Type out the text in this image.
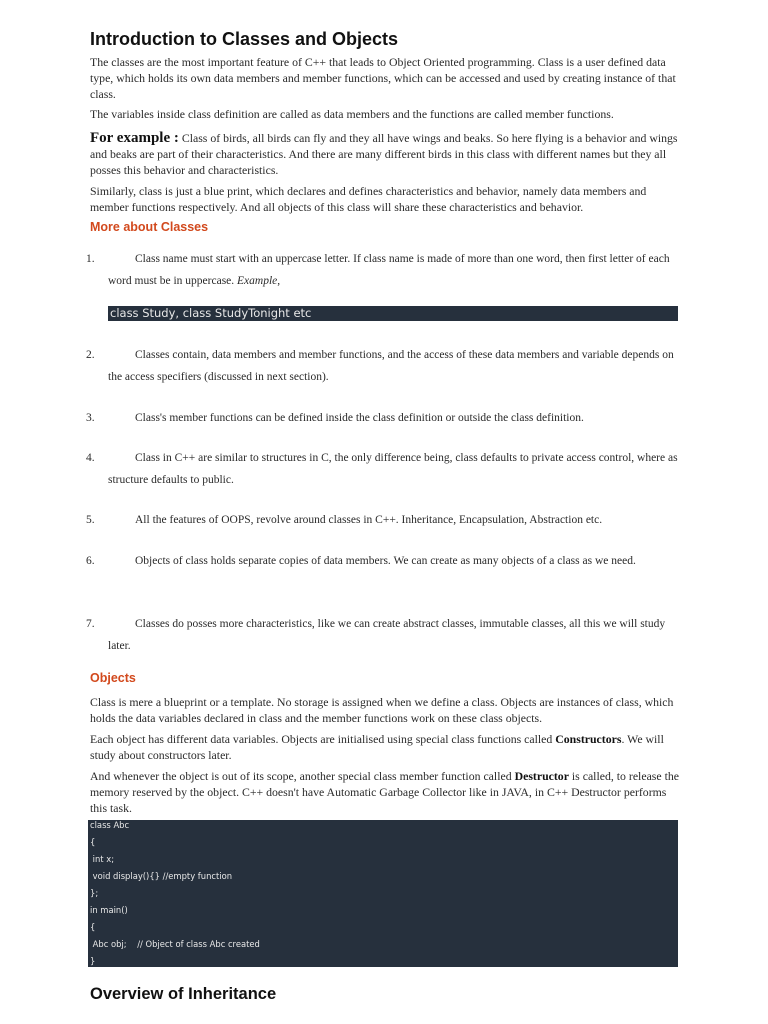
Introduction to Classes and Objects

The classes are the most important feature of C++ that leads to Object Oriented programming. Class is a user defined data type, which holds its own data members and member functions, which can be accessed and used by creating instance of that class.

The variables inside class definition are called as data members and the functions are called member functions.

For example : Class of birds, all birds can fly and they all have wings and beaks. So here flying is a behavior and wings and beaks are part of their characteristics. And there are many different birds in this class with different names but they all posses this behavior and characteristics.

Similarly, class is just a blue print, which declares and defines characteristics and behavior, namely data members and member functions respectively. And all objects of this class will share these characteristics and behavior.

More about Classes
1.	Class name must start with an uppercase letter. If class name is made of more than one word, then first letter of each word must be in uppercase. Example,
class Study, class StudyTonight etc
2.	Classes contain, data members and member functions, and the access of these data members and variable depends on the access specifiers (discussed in next section).
3.	Class's member functions can be defined inside the class definition or outside the class definition.
4.	Class in C++ are similar to structures in C, the only difference being, class defaults to private access control, where as structure defaults to public.
5.	All the features of OOPS, revolve around classes in C++. Inheritance, Encapsulation, Abstraction etc.
6.	Objects of class holds separate copies of data members. We can create as many objects of a class as we need.
7.	Classes do posses more characteristics, like we can create abstract classes, immutable classes, all this we will study later.
Objects

Class is mere a blueprint or a template. No storage is assigned when we define a class. Objects are instances of class, which holds the data variables declared in class and the member functions work on these class objects.

Each object has different data variables. Objects are initialised using special class functions called Constructors. We will study about constructors later.

And whenever the object is out of its scope, another special class member function called Destructor is called, to release the memory reserved by the object. C++ doesn't have Automatic Garbage Collector like in JAVA, in C++ Destructor performs this task.

class Abc
{
int x;
void display(){} //empty function
};
in main()
{
Abc obj;    // Object of class Abc created
}
Overview of Inheritance
